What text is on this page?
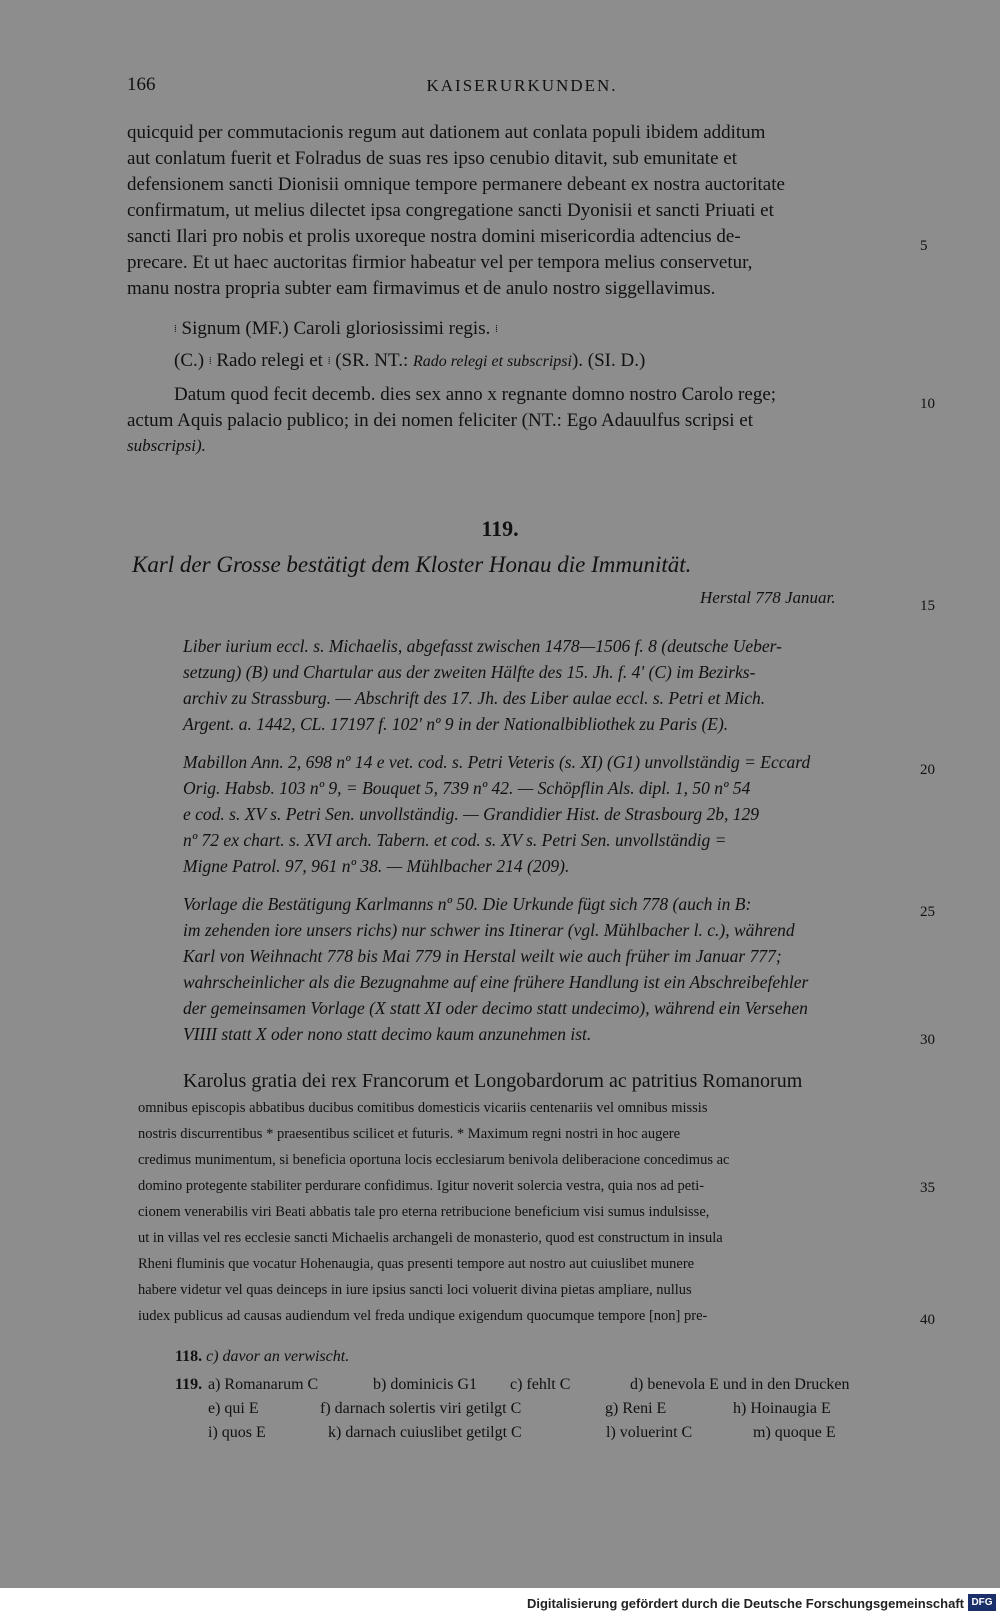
166	KAISERURKUNDEN.
quicquid per commutacionis regum aut dationem aut conlata populi ibidem additum
aut conlatum fuerit et Folradus de suas res ipso cenubio ditavit, sub emunitate et
defensionem sancti Dionisii omnique tempore permanere debeant ex nostra auctoritate
confirmatum, ut melius dilectet ipsa congregatione sancti Dyonisii et sancti Priuati et
sancti Ilari pro nobis et prolis uxoreque nostra domini misericordia adtencius de-
precare. Et ut haec auctoritas firmior habeatur vel per tempora melius conservetur,
manu nostra propria subter eam firmavimus et de anulo nostro siggellavimus.
5
⁞ Signum (MF.) Caroli gloriosissimi regis. ⁞
(C.) ⁞ Rado relegi et ⁞ (SR. NT.: Rado relegi et subscripsi). (SI. D.)
Datum quod fecit decemb. dies sex anno x regnante domno nostro Carolo rege;
actum Aquis palacio publico; in dei nomen feliciter (NT.: Ego Adauulfus scripsi et
subscripsi).
10
119.
Karl der Grosse bestätigt dem Kloster Honau die Immunität.
Herstal 778 Januar.	15
Liber iurium eccl. s. Michaelis, abgefasst zwischen 1478—1506 f. 8 (deutsche Ueber-
setzung) (B) und Chartular aus der zweiten Hälfte des 15. Jh. f. 4' (C) im Bezirks-
archiv zu Strassburg. — Abschrift des 17. Jh. des Liber aulae eccl. s. Petri et Mich.
Argent. a. 1442, CL. 17197 f. 102' nº 9 in der Nationalbibliothek zu Paris (E).
Mabillon Ann. 2, 698 nº 14 e vet. cod. s. Petri Veteris (s. XI) (G1) unvollständig = Eccard
Orig. Habsb. 103 nº 9, = Bouquet 5, 739 nº 42. — Schöpflin Als. dipl. 1, 50 nº 54
e cod. s. XV s. Petri Sen. unvollständig. — Grandidier Hist. de Strasbourg 2b, 129
nº 72 ex chart. s. XVI arch. Tabern. et cod. s. XV s. Petri Sen. unvollständig =
Migne Patrol. 97, 961 nº 38. — Mühlbacher 214 (209).
20
Vorlage die Bestätigung Karlmanns nº 50. Die Urkunde fügt sich 778 (auch in B:
im zehenden iore unsers richs) nur schwer ins Itinerar (vgl. Mühlbacher l. c.), während
Karl von Weihnacht 778 bis Mai 779 in Herstal weilt wie auch früher im Januar 777;
wahrscheinlicher als die Bezugnahme auf eine frühere Handlung ist ein Abschreibefehler
der gemeinsamen Vorlage (X statt XI oder decimo statt undecimo), während ein Versehen
VIIII statt X oder nono statt decimo kaum anzunehmen ist.
25
30
Karolus gratia dei rex Francorum et Longobardorum ac patritius Romanorum
omnibus episcopis abbatibus ducibus comitibus domesticis vicariis centenariis vel omnibus missis
nostris discurrentibus * praesentibus scilicet et futuris. * Maximum regni nostri in hoc augere
credimus munimentum, si beneficia oportuna locis ecclesiarum benivola deliberacione concedimus ac
domino protegente stabiliter perdurare confidimus. Igitur noverit solercia vestra, quia nos ad peti-
cionem venerabilis viri Beati abbatis tale pro eterna retribucione beneficium visi sumus indulsisse,
ut in villas vel res ecclesie sancti Michaelis archangeli de monasterio, quod est constructum in insula
Rheni fluminis que vocatur Hohenaugia, quas presenti tempore aut nostro aut cuiuslibet munere
habere videtur vel quas deinceps in iure ipsius sancti loci voluerit divina pietas ampliare, nullus
iudex publicus ad causas audiendum vel freda undique exigendum quocumque tempore [non] pre-
35
40
118. c) davor an verwischt.
119. a) Romanarum C	b) dominicis G1 c) fehlt C	d) benevola E und in den Drucken
e) qui E	f) darnach solertis viri getilgt C	g) Reni E	h) Hoinaugia E
i) quos E	k) darnach cuiuslibet getilgt C	l) voluerint C	m) quoque E
Digitalisierung gefördert durch die Deutsche Forschungsgemeinschaft DFG
